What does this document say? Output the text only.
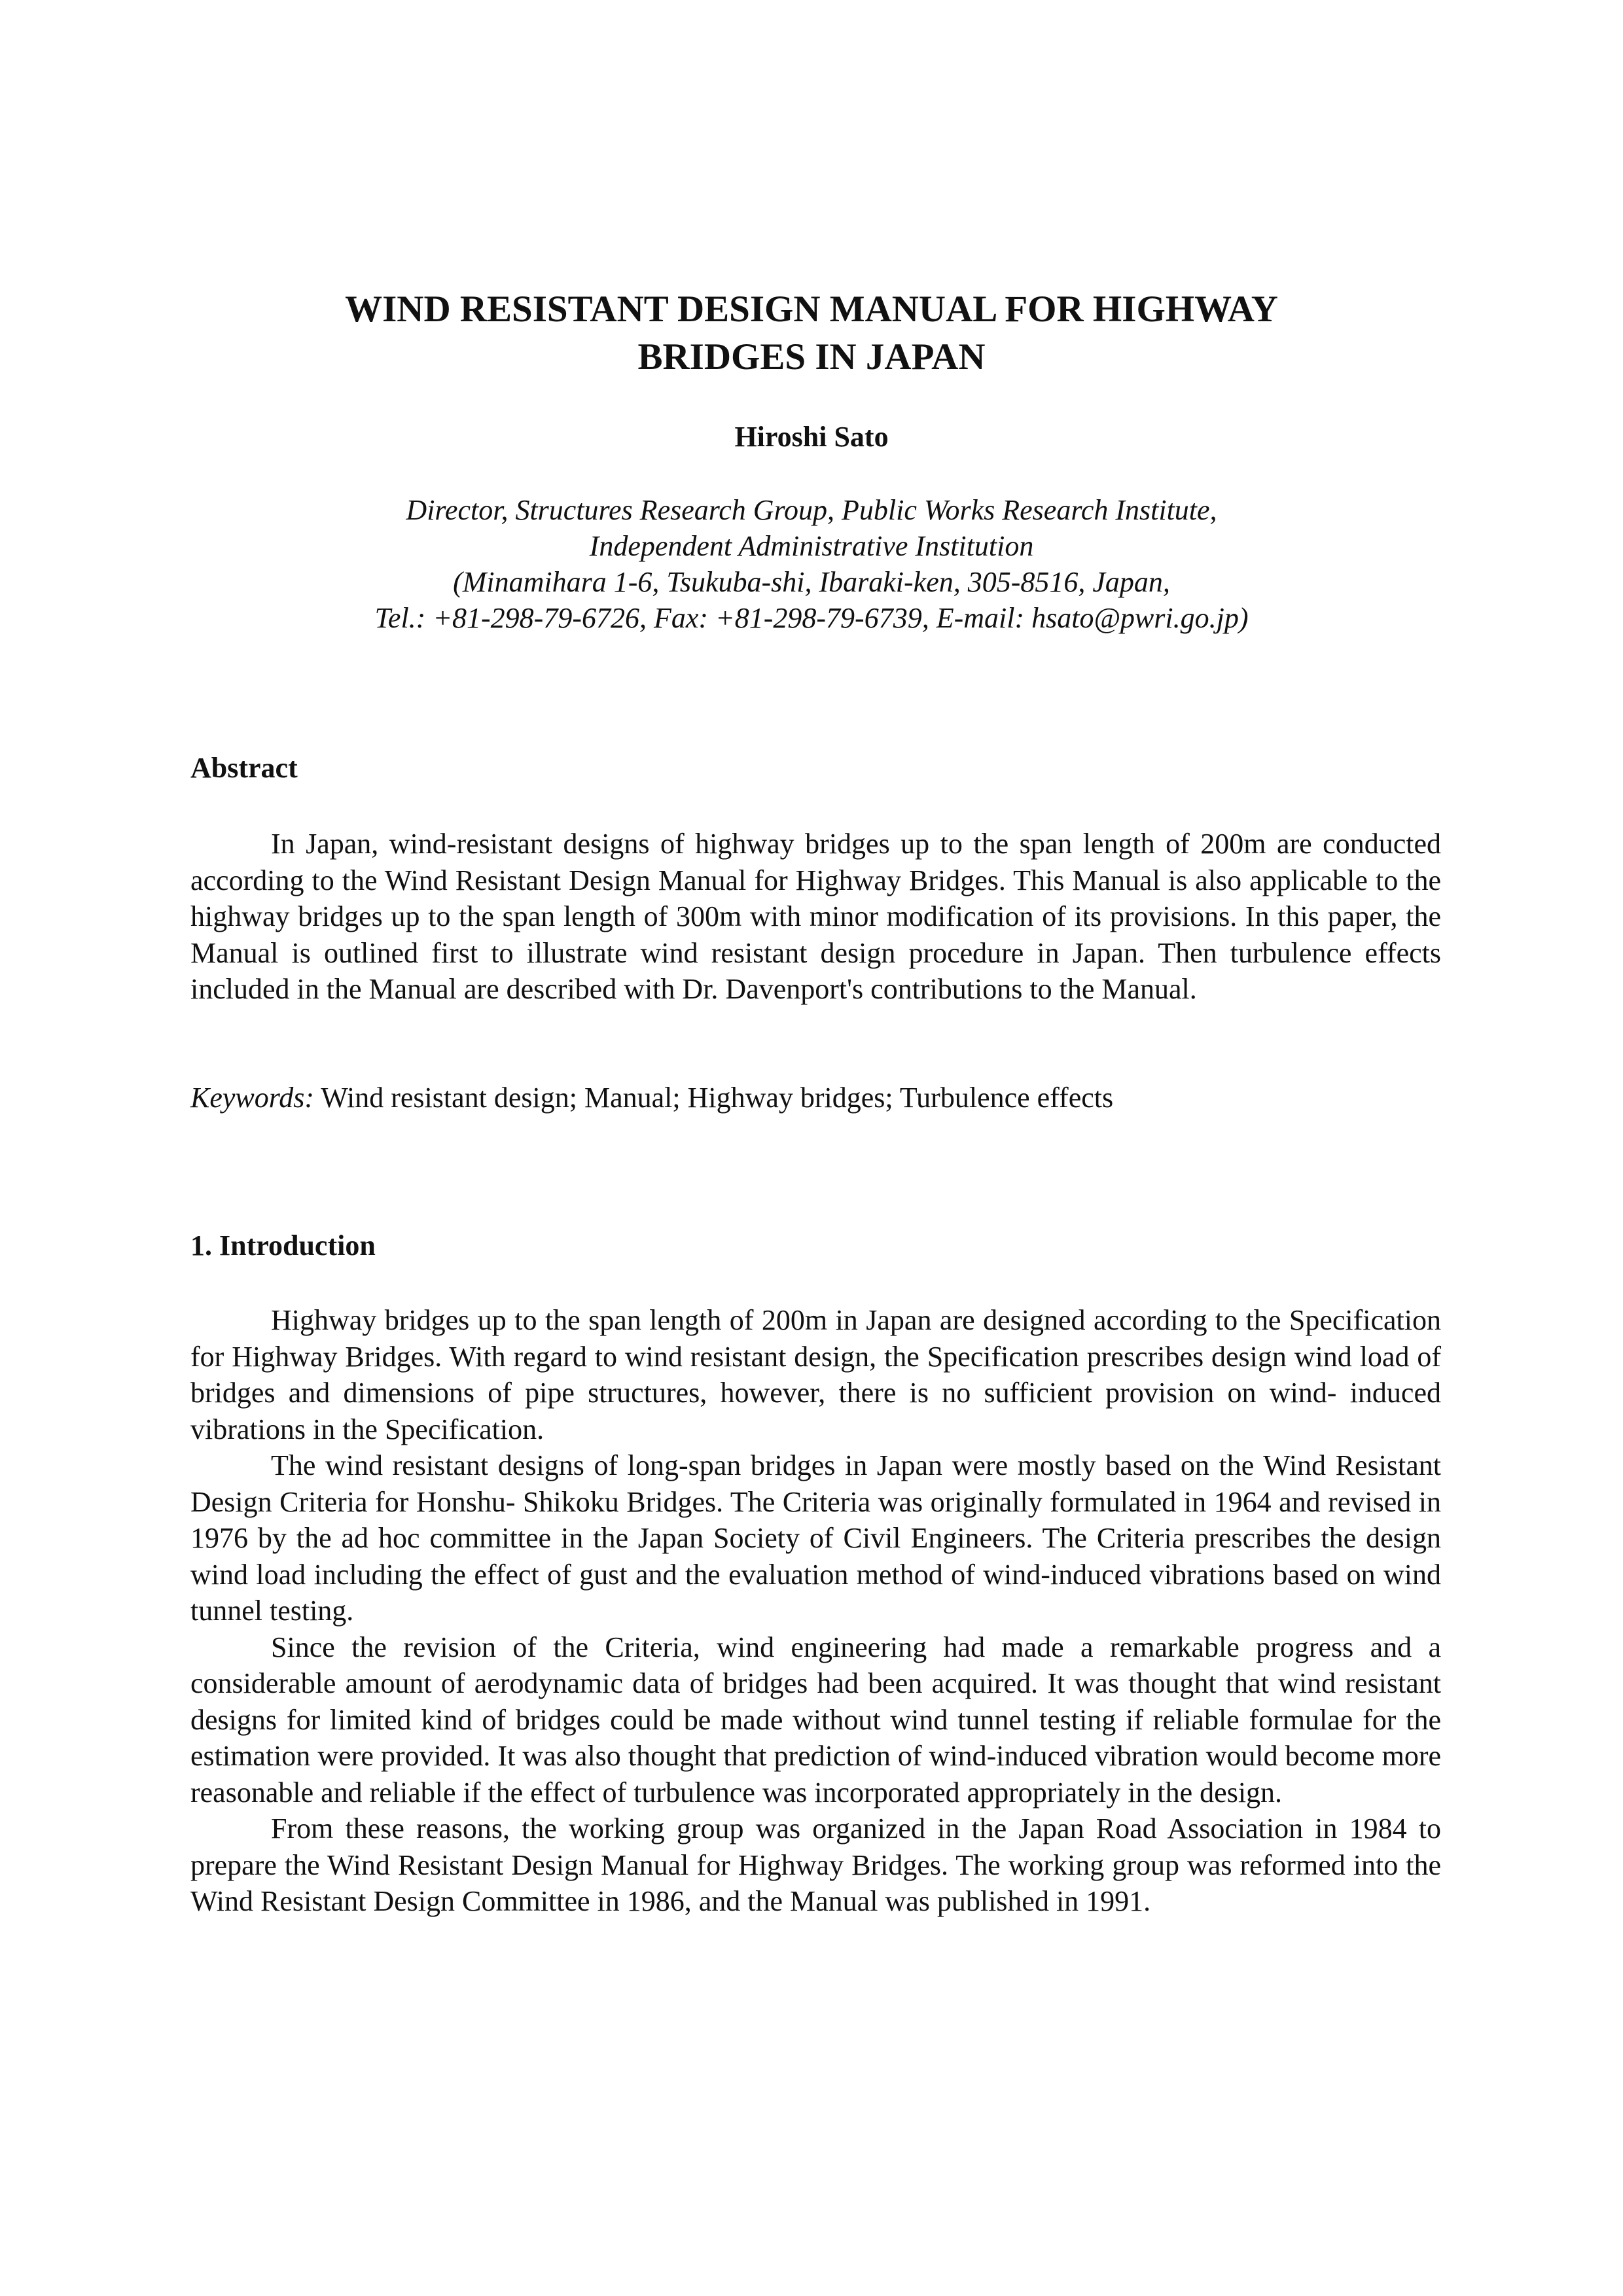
WIND RESISTANT DESIGN MANUAL FOR HIGHWAY
BRIDGES IN JAPAN
Hiroshi Sato
Director, Structures Research Group, Public Works Research Institute,
Independent Administrative Institution
(Minamihara 1-6, Tsukuba-shi, Ibaraki-ken, 305-8516, Japan,
Tel.: +81-298-79-6726, Fax: +81-298-79-6739, E-mail: hsato@pwri.go.jp)
Abstract

In Japan, wind-resistant designs of highway bridges up to the span length of 200m are conducted according to the Wind Resistant Design Manual for Highway Bridges. This Manual is also applicable to the highway bridges up to the span length of 300m with minor modification of its provisions. In this paper, the Manual is outlined first to illustrate wind resistant design procedure in Japan. Then turbulence effects included in the Manual are described with Dr. Davenport's contributions to the Manual.

Keywords: Wind resistant design; Manual; Highway bridges; Turbulence effects
1. Introduction

Highway bridges up to the span length of 200m in Japan are designed according to the Specification for Highway Bridges. With regard to wind resistant design, the Specification prescribes design wind load of bridges and dimensions of pipe structures, however, there is no sufficient provision on wind- induced vibrations in the Specification.

The wind resistant designs of long-span bridges in Japan were mostly based on the Wind Resistant Design Criteria for Honshu- Shikoku Bridges. The Criteria was originally formulated in 1964 and revised in 1976 by the ad hoc committee in the Japan Society of Civil Engineers. The Criteria prescribes the design wind load including the effect of gust and the evaluation method of wind-induced vibrations based on wind tunnel testing.

Since the revision of the Criteria, wind engineering had made a remarkable progress and a considerable amount of aerodynamic data of bridges had been acquired. It was thought that wind resistant designs for limited kind of bridges could be made without wind tunnel testing if reliable formulae for the estimation were provided. It was also thought that prediction of wind-induced vibration would become more reasonable and reliable if the effect of turbulence was incorporated appropriately in the design.

From these reasons, the working group was organized in the Japan Road Association in 1984 to prepare the Wind Resistant Design Manual for Highway Bridges. The working group was reformed into the Wind Resistant Design Committee in 1986, and the Manual was published in 1991.
